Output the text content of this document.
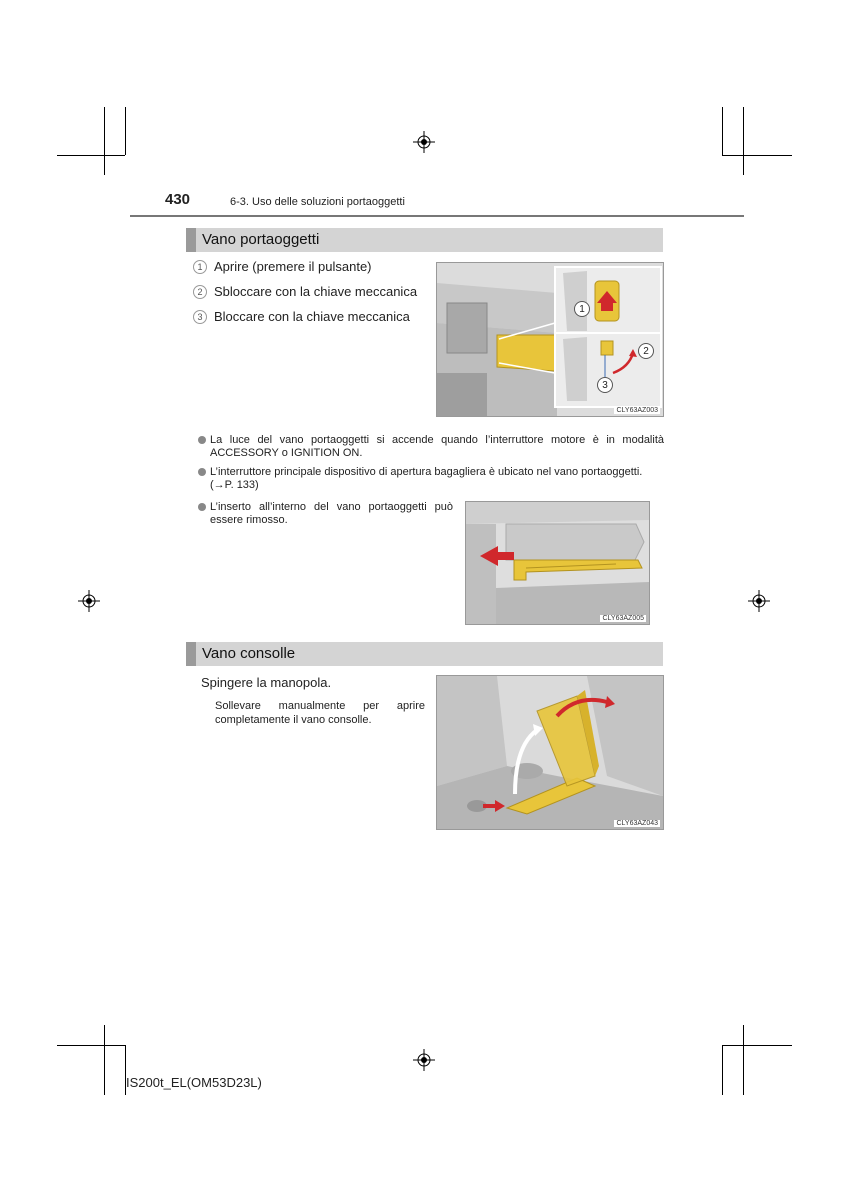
430	6-3. Uso delle soluzioni portaoggetti
Vano portaoggetti
1 Aprire (premere il pulsante)
2 Sbloccare con la chiave meccanica
3 Bloccare con la chiave meccanica	1
2
3
CLY63AZ003
La luce del vano portaoggetti si accende quando l’interruttore motore è in modalità ACCESSORY o IGNITION ON.
L’interruttore principale dispositivo di apertura bagagliera è ubicato nel vano portaoggetti. (→P. 133)
L’inserto all’interno del vano portaoggetti può essere rimosso.
CLY63AZ005
Vano consolle
Spingere la manopola.
Sollevare manualmente per aprire completamente il vano consolle.
CLY63AZ043
IS200t_EL(OM53D23L)
